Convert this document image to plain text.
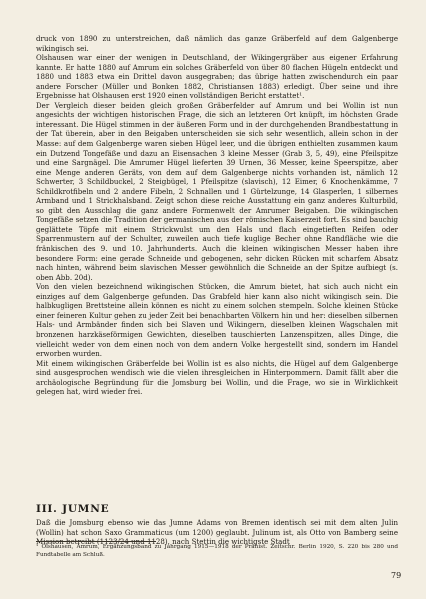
druck von 1890 zu unterstreichen, daß nämlich das ganze Gräberfeld auf dem Galgenberge wikingisch sei.

Olshausen war einer der wenigen in Deutschland, der Wikingergräber aus eigener Erfahrung kannte. Er hatte 1880 auf Amrum ein solches Gräberfeld von über 80 flachen Hügeln entdeckt und 1880 und 1883 etwa ein Drittel davon ausgegraben; das übrige hatten zwischendurch ein paar andere Forscher (Müller und Bonken 1882, Christiansen 1883) erledigt. Über seine und ihre Ergebnisse hat Olshausen erst 1920 einen vollständigen Bericht erstattet¹.

Der Vergleich dieser beiden gleich großen Gräberfelder auf Amrum und bei Wollin ist nun angesichts der wichtigen historischen Frage, die sich an letzteren Ort knüpft, im höchsten Grade interessant. Die Hügel stimmen in der äußeren Form und in der durchgehenden Brandbestattung in der Tat überein, aber in den Beigaben unterscheiden sie sich sehr wesentlich, allein schon in der Masse: auf dem Galgenberge waren sieben Hügel leer, und die übrigen enthielten zusammen kaum ein Dutzend Tongefäße und dazu an Eisensachen 3 kleine Messer (Grab 3, 5, 49), eine Pfeilspitze und eine Sargnägel. Die Amrumer Hügel lieferten 39 Urnen, 36 Messer, keine Speerspitze, aber eine Menge anderen Geräts, von dem auf dem Galgenberge nichts vorhanden ist, nämlich 12 Schwerter, 3 Schildbuckel, 2 Steigbügel, 1 Pfeilspitze (slavisch), 12 Eimer, 6 Knochenkämme, 7 Schildkrotfibeln und 2 andere Fibeln, 2 Schnallen und 1 Gürtelzunge, 14 Glasperlen, 1 silbernes Armband und 1 Strickhalsband. Zeigt schon diese reiche Ausstattung ein ganz anderes Kulturbild, so gibt den Ausschlag die ganz andere Formenwelt der Amrumer Beigaben. Die wikingischen Tongefäße setzen die Tradition der germanischen aus der römischen Kaiserzeit fort. Es sind bauchig geglättete Töpfe mit einem Strickwulst um den Hals und flach eingetieften Reifen oder Sparrenmustern auf der Schulter, zuweilen auch tiefe kuglige Becher ohne Randfläche wie die fränkischen des 9. und 10. Jahrhunderts. Auch die kleinen wikingischen Messer haben ihre besondere Form: eine gerade Schneide und gebogenen, sehr dicken Rücken mit scharfem Absatz nach hinten, während beim slavischen Messer gewöhnlich die Schneide an der Spitze aufbiegt (s. oben Abb. 20d).

Von den vielen bezeichnend wikingischen Stücken, die Amrum bietet, hat sich auch nicht ein einziges auf dem Galgenberge gefunden. Das Grabfeld hier kann also nicht wikingisch sein. Die halbkugligen Brettsteine allein können es nicht zu einem solchen stempeln. Solche kleinen Stücke einer feineren Kultur gehen zu jeder Zeit bei benachbarten Völkern hin und her: dieselben silbernen Hals- und Armbänder finden sich bei Slaven und Wikingern, dieselben kleinen Wagschalen mit bronzenen harzkäseförmigen Gewichten, dieselben tauschierten Lanzenspitzen, alles Dinge, die vielleicht weder von dem einen noch von dem andern Volke hergestellt sind, sondern im Handel erworben wurden.

Mit einem wikingischen Gräberfelde bei Wollin ist es also nichts, die Hügel auf dem Galgenberge sind ausgesprochen wendisch wie die vielen ihresgleichen in Hinterpommern. Damit fällt aber die archäologische Begründung für die Jomsburg bei Wollin, und die Frage, wo sie in Wirklichkeit gelegen hat, wird wieder frei.

III. JUMNE

Daß die Jomsburg ebenso wie das Jumne Adams von Bremen identisch sei mit dem alten Julin (Wollin) hat schon Saxo Grammaticus (um 1200) geglaubt. Julinum ist, als Otto von Bamberg seine Mission betreibt (1123/24 und 1128), nach Stettin die wichtigste Stadt

¹ Olshausen, Amrum, Ergänzungsband zu Jahrgang 1915—1918 der Prähist. Zeitschr. Berlin 1920, S. 220 bis 280 und Fundtabelle am Schluß.

79
